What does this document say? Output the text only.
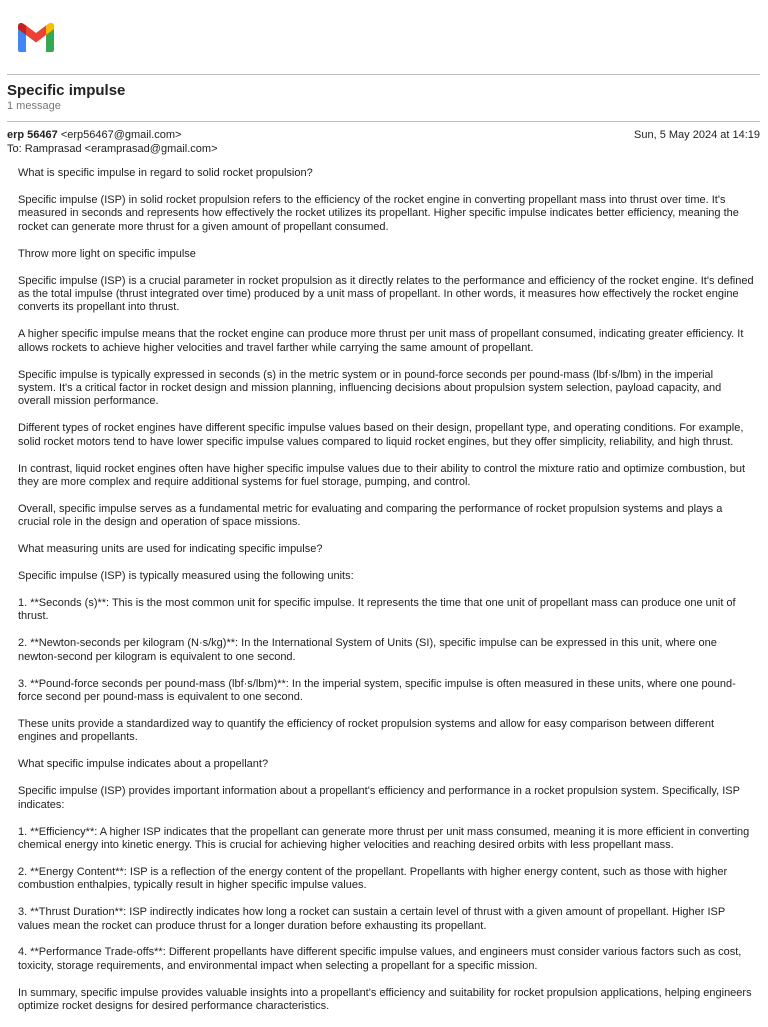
Specific impulse
1 message
erp 56467 <erp56467@gmail.com>	Sun, 5 May 2024 at 14:19
To: Ramprasad <eramprasad@gmail.com>

What is specific impulse in regard to solid rocket propulsion?

Specific impulse (ISP) in solid rocket propulsion refers to the efficiency of the rocket engine in converting propellant mass into thrust over time. It's measured in seconds and represents how effectively the rocket utilizes its propellant. Higher specific impulse indicates better efficiency, meaning the rocket can generate more thrust for a given amount of propellant consumed.

Throw more light on specific impulse

Specific impulse (ISP) is a crucial parameter in rocket propulsion as it directly relates to the performance and efficiency of the rocket engine. It's defined as the total impulse (thrust integrated over time) produced by a unit mass of propellant. In other words, it measures how effectively the rocket engine converts its propellant into thrust.

A higher specific impulse means that the rocket engine can produce more thrust per unit mass of propellant consumed, indicating greater efficiency. It allows rockets to achieve higher velocities and travel farther while carrying the same amount of propellant.

Specific impulse is typically expressed in seconds (s) in the metric system or in pound-force seconds per pound-mass (lbf·s/lbm) in the imperial system. It's a critical factor in rocket design and mission planning, influencing decisions about propulsion system selection, payload capacity, and overall mission performance.

Different types of rocket engines have different specific impulse values based on their design, propellant type, and operating conditions. For example, solid rocket motors tend to have lower specific impulse values compared to liquid rocket engines, but they offer simplicity, reliability, and high thrust.

In contrast, liquid rocket engines often have higher specific impulse values due to their ability to control the mixture ratio and optimize combustion, but they are more complex and require additional systems for fuel storage, pumping, and control.

Overall, specific impulse serves as a fundamental metric for evaluating and comparing the performance of rocket propulsion systems and plays a crucial role in the design and operation of space missions.

What measuring units are used for indicating specific impulse?

Specific impulse (ISP) is typically measured using the following units:

1. **Seconds (s)**: This is the most common unit for specific impulse. It represents the time that one unit of propellant mass can produce one unit of thrust.

2. **Newton-seconds per kilogram (N·s/kg)**: In the International System of Units (SI), specific impulse can be expressed in this unit, where one newton-second per kilogram is equivalent to one second.

3. **Pound-force seconds per pound-mass (lbf·s/lbm)**: In the imperial system, specific impulse is often measured in these units, where one pound-force second per pound-mass is equivalent to one second.

These units provide a standardized way to quantify the efficiency of rocket propulsion systems and allow for easy comparison between different engines and propellants.

What specific impulse indicates about a propellant?

Specific impulse (ISP) provides important information about a propellant's efficiency and performance in a rocket propulsion system. Specifically, ISP indicates:

1. **Efficiency**: A higher ISP indicates that the propellant can generate more thrust per unit mass consumed, meaning it is more efficient in converting chemical energy into kinetic energy. This is crucial for achieving higher velocities and reaching desired orbits with less propellant mass.

2. **Energy Content**: ISP is a reflection of the energy content of the propellant. Propellants with higher energy content, such as those with higher combustion enthalpies, typically result in higher specific impulse values.

3. **Thrust Duration**: ISP indirectly indicates how long a rocket can sustain a certain level of thrust with a given amount of propellant. Higher ISP values mean the rocket can produce thrust for a longer duration before exhausting its propellant.

4. **Performance Trade-offs**: Different propellants have different specific impulse values, and engineers must consider various factors such as cost, toxicity, storage requirements, and environmental impact when selecting a propellant for a specific mission.

In summary, specific impulse provides valuable insights into a propellant's efficiency and suitability for rocket propulsion applications, helping engineers optimize rocket designs for desired performance characteristics.
